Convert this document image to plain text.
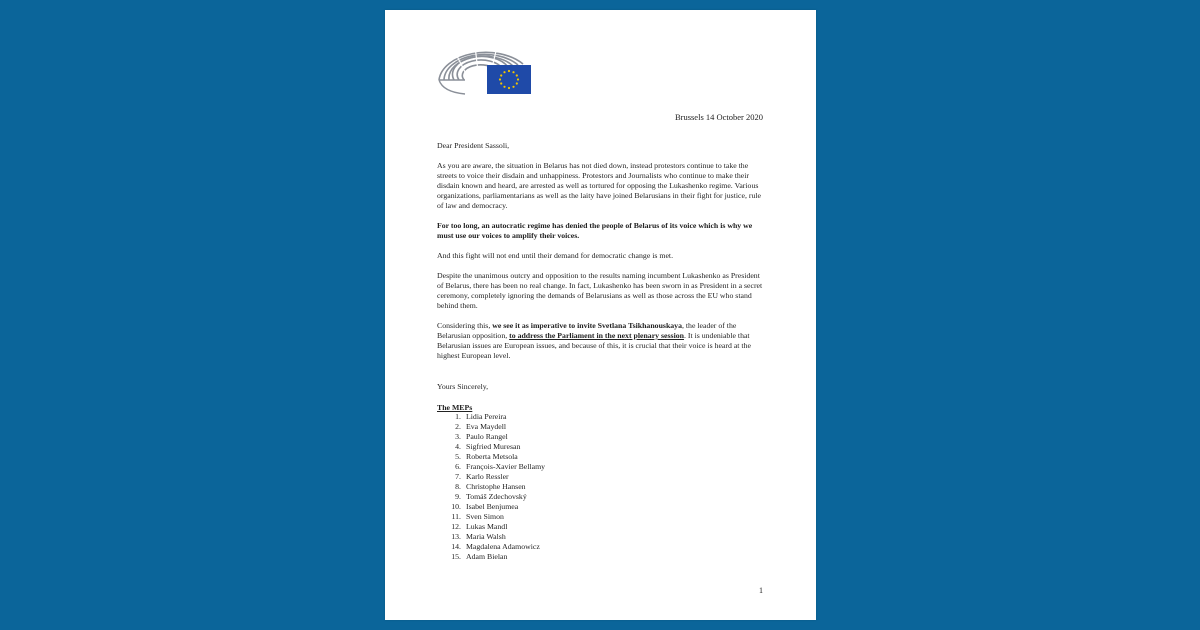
Brussels 14 October 2020

Dear President Sassoli,

As you are aware, the situation in Belarus has not died down, instead protestors continue to take the streets to voice their disdain and unhappiness. Protestors and Journalists who continue to make their disdain known and heard, are arrested as well as tortured for opposing the Lukashenko regime. Various organizations, parliamentarians as well as the laity have joined Belarusians in their fight for justice, rule of law and democracy.

For too long, an autocratic regime has denied the people of Belarus of its voice which is why we must use our voices to amplify their voices.

And this fight will not end until their demand for democratic change is met.

Despite the unanimous outcry and opposition to the results naming incumbent Lukashenko as President of Belarus, there has been no real change. In fact, Lukashenko has been sworn in as President in a secret ceremony, completely ignoring the demands of Belarusians as well as those across the EU who stand behind them.

Considering this, we see it as imperative to invite Svetlana Tsikhanouskaya, the leader of the Belarusian opposition, to address the Parliament in the next plenary session. It is undeniable that Belarusian issues are European issues, and because of this, it is crucial that their voice is heard at the highest European level.

Yours Sincerely,
The MEPs
1. Lidia Pereira
2. Eva Maydell
3. Paulo Rangel
4. Sigfried Muresan
5. Roberta Metsola
6. François-Xavier Bellamy
7. Karlo Ressler
8. Christophe Hansen
9. Tomáš Zdechovský
10. Isabel Benjumea
11. Sven Simon
12. Lukas Mandl
13. Maria Walsh
14. Magdalena Adamowicz
15. Adam Bielan
1
